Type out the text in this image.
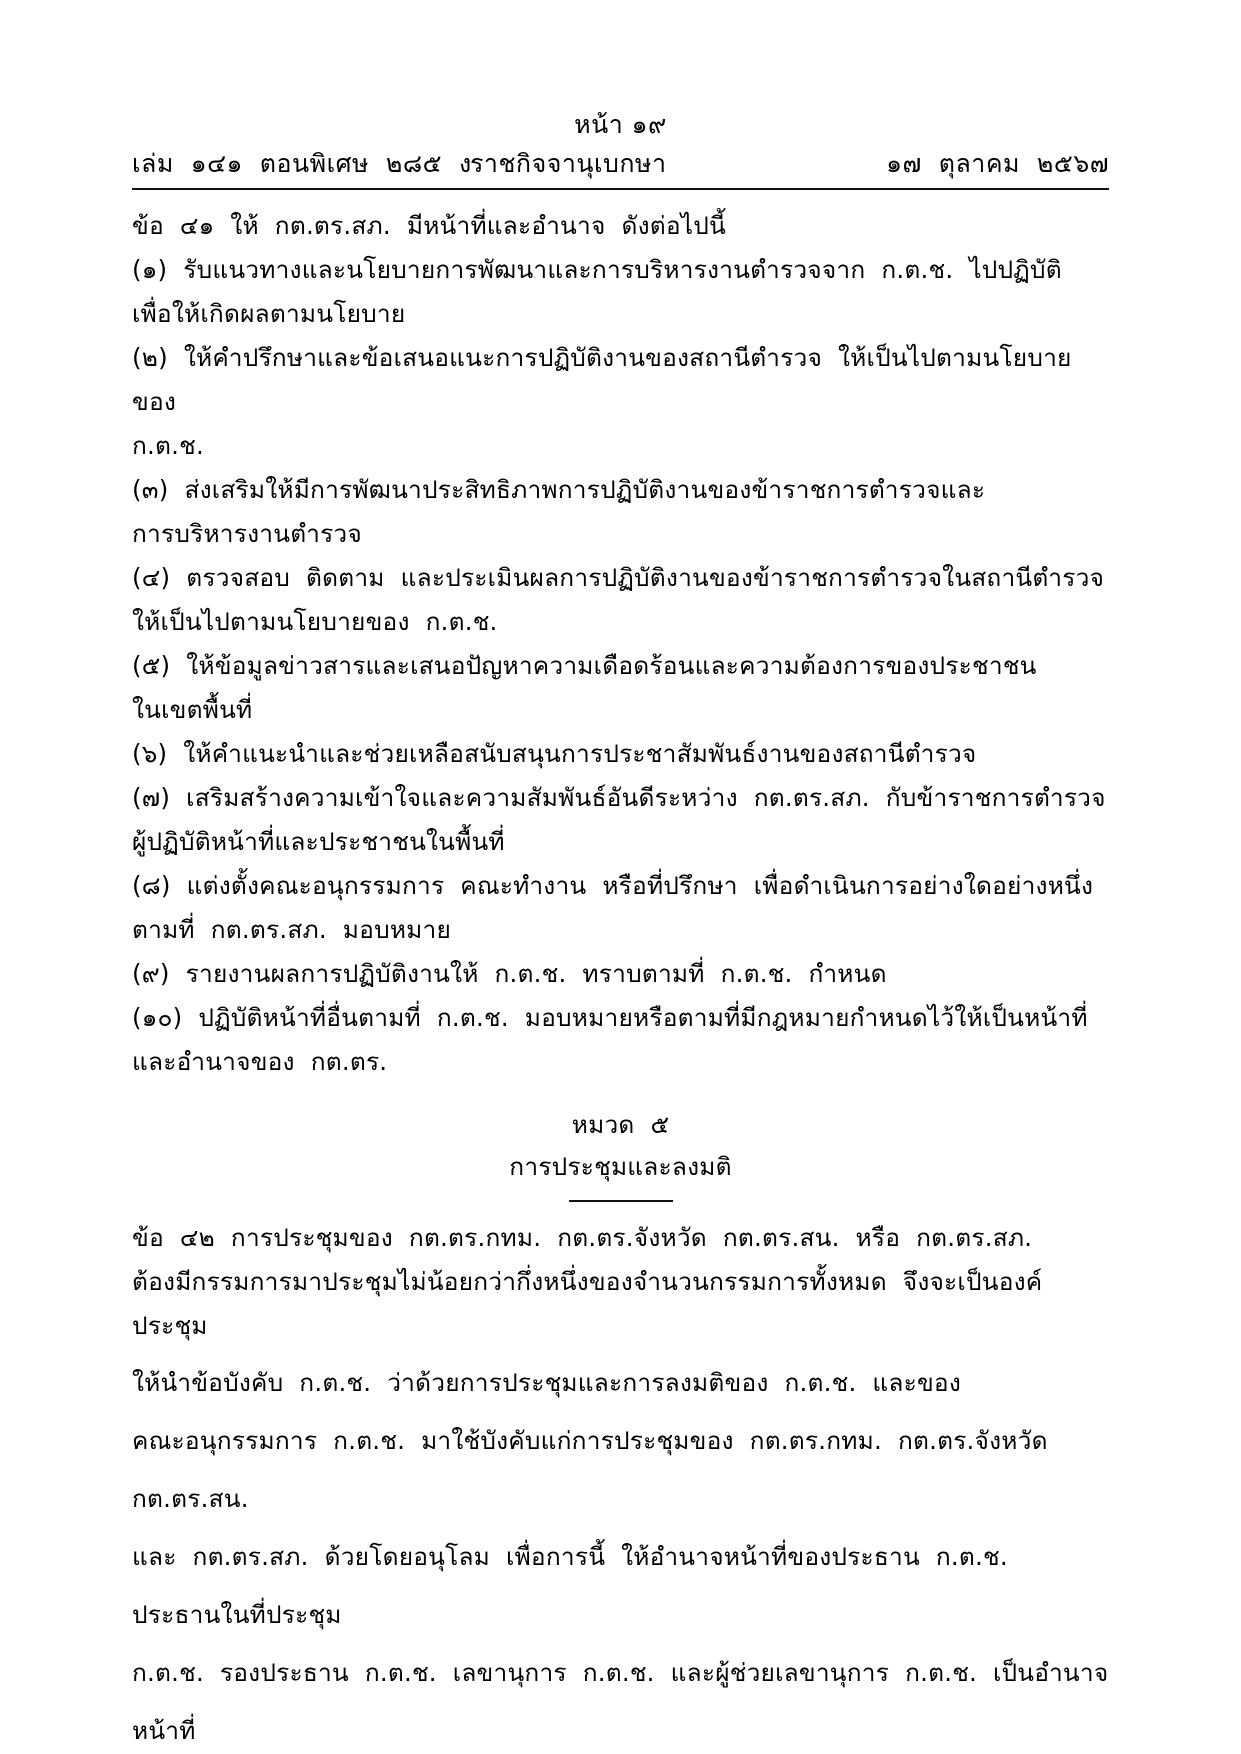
หน้า ๑๙
เล่ม  ๑๔๑  ตอนพิเศษ  ๒๘๕  ง
ราชกิจจานุเบกษา	๑๗  ตุลาคม  ๒๕๖๗

ข้อ  ๔๑  ให้  กต.ตร.สภ.  มีหน้าที่และอำนาจ  ดังต่อไปนี้

(๑)  รับแนวทางและนโยบายการพัฒนาและการบริหารงานตำรวจจาก  ก.ต.ช.  ไปปฏิบัติ

เพื่อให้เกิดผลตามนโยบาย

(๒)  ให้คำปรึกษาและข้อเสนอแนะการปฏิบัติงานของสถานีตำรวจ  ให้เป็นไปตามนโยบายของ

ก.ต.ช.

(๓)  ส่งเสริมให้มีการพัฒนาประสิทธิภาพการปฏิบัติงานของข้าราชการตำรวจและ

การบริหารงานตำรวจ

(๔)  ตรวจสอบ  ติดตาม  และประเมินผลการปฏิบัติงานของข้าราชการตำรวจในสถานีตำรวจ

ให้เป็นไปตามนโยบายของ  ก.ต.ช.

(๕)  ให้ข้อมูลข่าวสารและเสนอปัญหาความเดือดร้อนและความต้องการของประชาชน

ในเขตพื้นที่

(๖)  ให้คำแนะนำและช่วยเหลือสนับสนุนการประชาสัมพันธ์งานของสถานีตำรวจ

(๗)  เสริมสร้างความเข้าใจและความสัมพันธ์อันดีระหว่าง  กต.ตร.สภ.  กับข้าราชการตำรวจ

ผู้ปฏิบัติหน้าที่และประชาชนในพื้นที่

(๘)  แต่งตั้งคณะอนุกรรมการ  คณะทำงาน  หรือที่ปรึกษา  เพื่อดำเนินการอย่างใดอย่างหนึ่ง

ตามที่  กต.ตร.สภ.  มอบหมาย

(๙)  รายงานผลการปฏิบัติงานให้  ก.ต.ช.  ทราบตามที่  ก.ต.ช.  กำหนด

(๑๐)  ปฏิบัติหน้าที่อื่นตามที่  ก.ต.ช.  มอบหมายหรือตามที่มีกฎหมายกำหนดไว้ให้เป็นหน้าที่

และอำนาจของ  กต.ตร.

หมวด  ๕
การประชุมและลงมติ

ข้อ  ๔๒  การประชุมของ  กต.ตร.กทม.  กต.ตร.จังหวัด  กต.ตร.สน.  หรือ  กต.ตร.สภ.

ต้องมีกรรมการมาประชุมไม่น้อยกว่ากึ่งหนึ่งของจำนวนกรรมการทั้งหมด  จึงจะเป็นองค์ประชุม

ให้นำข้อบังคับ  ก.ต.ช.  ว่าด้วยการประชุมและการลงมติของ  ก.ต.ช.  และของ

คณะอนุกรรมการ  ก.ต.ช.  มาใช้บังคับแก่การประชุมของ  กต.ตร.กทม.  กต.ตร.จังหวัด  กต.ตร.สน.

และ  กต.ตร.สภ.  ด้วยโดยอนุโลม  เพื่อการนี้  ให้อำนาจหน้าที่ของประธาน  ก.ต.ช.  ประธานในที่ประชุม

ก.ต.ช.  รองประธาน  ก.ต.ช.  เลขานุการ  ก.ต.ช.  และผู้ช่วยเลขานุการ  ก.ต.ช.  เป็นอำนาจหน้าที่
